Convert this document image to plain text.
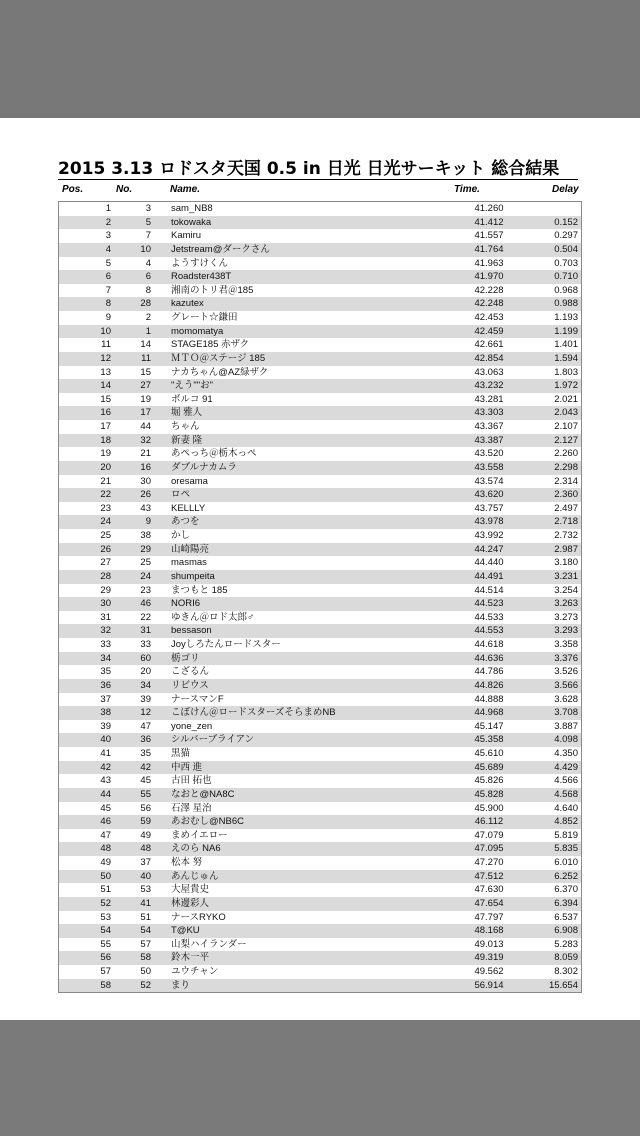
2015 3.13 ロドスタ天国 0.5 in 日光 日光サーキット 総合結果
Pos.	No.	Name.	Time.	Delay
1	3 sam_NB8	41.260
2	5 tokowaka	41.412	0.152
3	7 Kamiru	41.557	0.297
4	10 Jetstream@ダークさん	41.764	0.504
5	4 ようすけくん	41.963	0.703
6	6 Roadster438T	41.970	0.710
7	8 湘南のトリ君＠185	42.228	0.968
8	28 kazutex	42.248	0.988
9	2 グレート☆鎌田	42.453	1.193
10	1 momomatya	42.459	1.199
11	14 STAGE185 赤ザク	42.661	1.401
12	11 ＭＴＯ＠ステージ 185	42.854	1.594
13	15 ナカちゃん@AZ緑ザク	43.063	1.803
14	27 "えう""お"	43.232	1.972
15	19 ボルコ 91	43.281	2.021
16	17 堀 雅人	43.303	2.043
17	44 ちゃん	43.367	2.107
18	32 新妻 隆	43.387	2.127
19	21 あぺっち＠栃木っぺ	43.520	2.260
20	16 ダブルナカムラ	43.558	2.298
21	30 oresama	43.574	2.314
22	26 ロペ	43.620	2.360
23	43 KELLLY	43.757	2.497
24	9 あつを	43.978	2.718
25	38 かし	43.992	2.732
26	29 山崎陽亮	44.247	2.987
27	25 masmas	44.440	3.180
28	24 shumpeita	44.491	3.231
29	23 まつもと 185	44.514	3.254
30	46 NORI6	44.523	3.263
31	22 ゆきん＠ロド太郎♂	44.533	3.273
32	31 bessason	44.553	3.293
33	33 Joyしろたんロードスター	44.618	3.358
34	60 栃ゴリ	44.636	3.376
35	20 こざるん	44.786	3.526
36	34 リビウス	44.826	3.566
37	39 ナースマンF	44.888	3.628
38	12 こぼけん＠ロードスターズそらまめNB	44.968	3.708
39	47 yone_zen	45.147	3.887
40	36 シルバーブライアン	45.358	4.098
41	35 黒猫	45.610	4.350
42	42 中西 進	45.689	4.429
43	45 古田 拓也	45.826	4.566
44	55 なおと@NA8C	45.828	4.568
45	56 石澤 星治	45.900	4.640
46	59 あおむし@NB6C	46.112	4.852
47	49 まめイエロー	47.079	5.819
48	48 えのら NA6	47.095	5.835
49	37 松本 努	47.270	6.010
50	40 あんじゅん	47.512	6.252
51	53 大屋貴史	47.630	6.370
52	41 林邊彩人	47.654	6.394
53	51 ナースRYKO	47.797	6.537
54	54 T@KU	48.168	6.908
55	57 山梨ハイランダー	49.013	5.283
56	58 鈴木一平	49.319	8.059
57	50 ユウチャン	49.562	8.302
58	52 まり	56.914	15.654
